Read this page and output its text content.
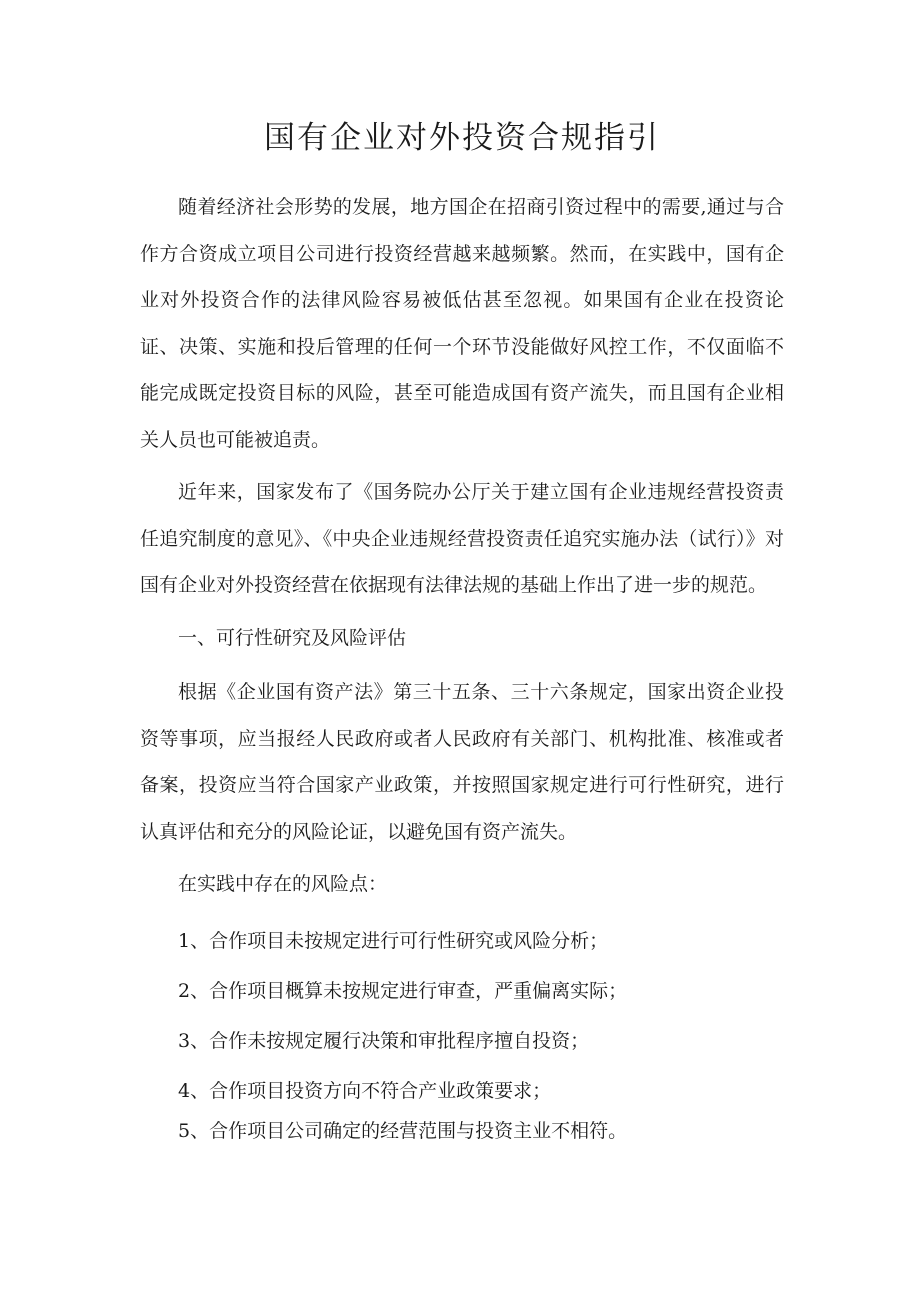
国有企业对外投资合规指引

随着经济社会形势的发展，地方国企在招商引资过程中的需要,通过与合作方合资成立项目公司进行投资经营越来越频繁。然而，在实践中，国有企业对外投资合作的法律风险容易被低估甚至忽视。如果国有企业在投资论证、决策、实施和投后管理的任何一个环节没能做好风控工作，不仅面临不能完成既定投资目标的风险，甚至可能造成国有资产流失，而且国有企业相关人员也可能被追责。

近年来，国家发布了《国务院办公厅关于建立国有企业违规经营投资责任追究制度的意见》、《中央企业违规经营投资责任追究实施办法（试行）》对国有企业对外投资经营在依据现有法律法规的基础上作出了进一步的规范。

一、可行性研究及风险评估

根据《企业国有资产法》第三十五条、三十六条规定，国家出资企业投资等事项，应当报经人民政府或者人民政府有关部门、机构批准、核准或者备案，投资应当符合国家产业政策，并按照国家规定进行可行性研究，进行认真评估和充分的风险论证，以避免国有资产流失。

在实践中存在的风险点：

1、合作项目未按规定进行可行性研究或风险分析；
2、合作项目概算未按规定进行审查，严重偏离实际；
3、合作未按规定履行决策和审批程序擅自投资；
4、合作项目投资方向不符合产业政策要求；
5、合作项目公司确定的经营范围与投资主业不相符。
